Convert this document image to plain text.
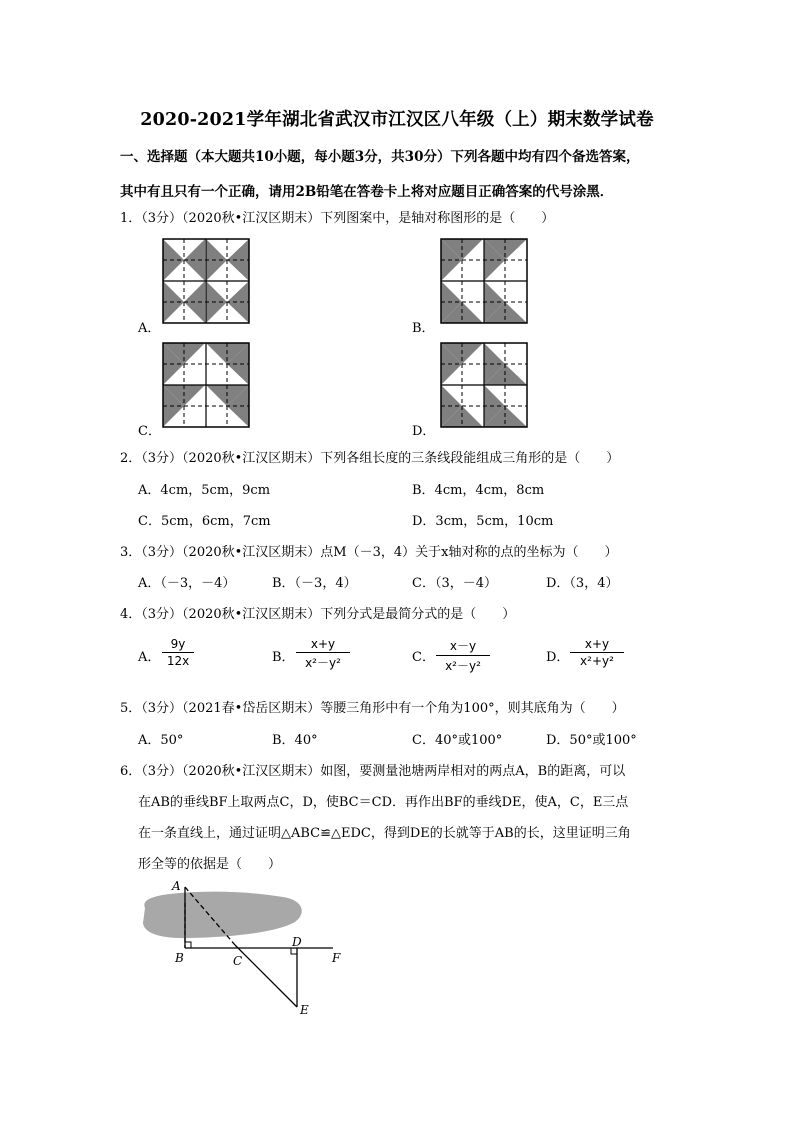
2020-2021学年湖北省武汉市江汉区八年级（上）期末数学试卷
一、选择题（本大题共10小题，每小题3分，共30分）下列各题中均有四个备选答案，
其中有且只有一个正确，请用2B铅笔在答卷卡上将对应题目正确答案的代号涂黑．
1．（3分）（2020秋•江汉区期末）下列图案中，是轴对称图形的是（　　）
A．	B．
C．	D．
2．（3分）（2020秋•江汉区期末）下列各组长度的三条线段能组成三角形的是（　　）
A．4cm，5cm，9cm	B．4cm，4cm，8cm
C．5cm，6cm，7cm	D．3cm，5cm，10cm
3．（3分）（2020秋•江汉区期末）点M（－3，4）关于x轴对称的点的坐标为（　　）
A．（－3，－4）	B．（－3，4）	C．（3，－4）	D．（3，4）
4．（3分）（2020秋•江汉区期末）下列分式是最简分式的是（　　）
A．
9y
12x	B．
x+y
x²－y²	C．
x－y
x²－y²
D．
x+y
x²+y²
5．（3分）（2021春•岱岳区期末）等腰三角形中有一个角为100°，则其底角为（　　）
A．50°	B．40°	C．40°或100°	D．50°或100°
6．（3分）（2020秋•江汉区期末）如图，要测量池塘两岸相对的两点A，B的距离，可以
在AB的垂线BF上取两点C，D，使BC＝CD．再作出BF的垂线DE，使A，C，E三点
在一条直线上，通过证明△ABC≌△EDC，得到DE的长就等于AB的长，这里证明三角
形全等的依据是（　　）
A
B	C
D
E
F
